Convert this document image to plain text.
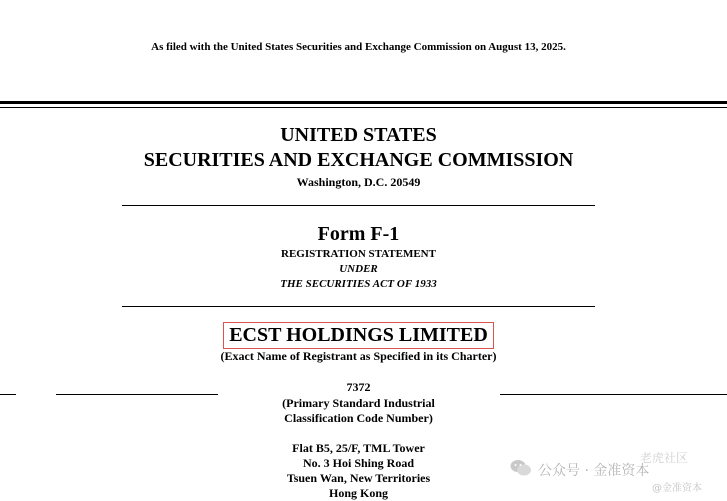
As filed with the United States Securities and Exchange Commission on August 13, 2025.
UNITED STATES
SECURITIES AND EXCHANGE COMMISSION
Washington, D.C. 20549
Form F-1
REGISTRATION STATEMENT
UNDER
THE SECURITIES ACT OF 1933
ECST HOLDINGS LIMITED
(Exact Name of Registrant as Specified in its Charter)
7372
(Primary Standard Industrial
Classification Code Number)
Flat B5, 25/F, TML Tower
No. 3 Hoi Shing Road
Tsuen Wan, New Territories
Hong Kong
公众号 · 金准资本
老虎社区
@金准资本
